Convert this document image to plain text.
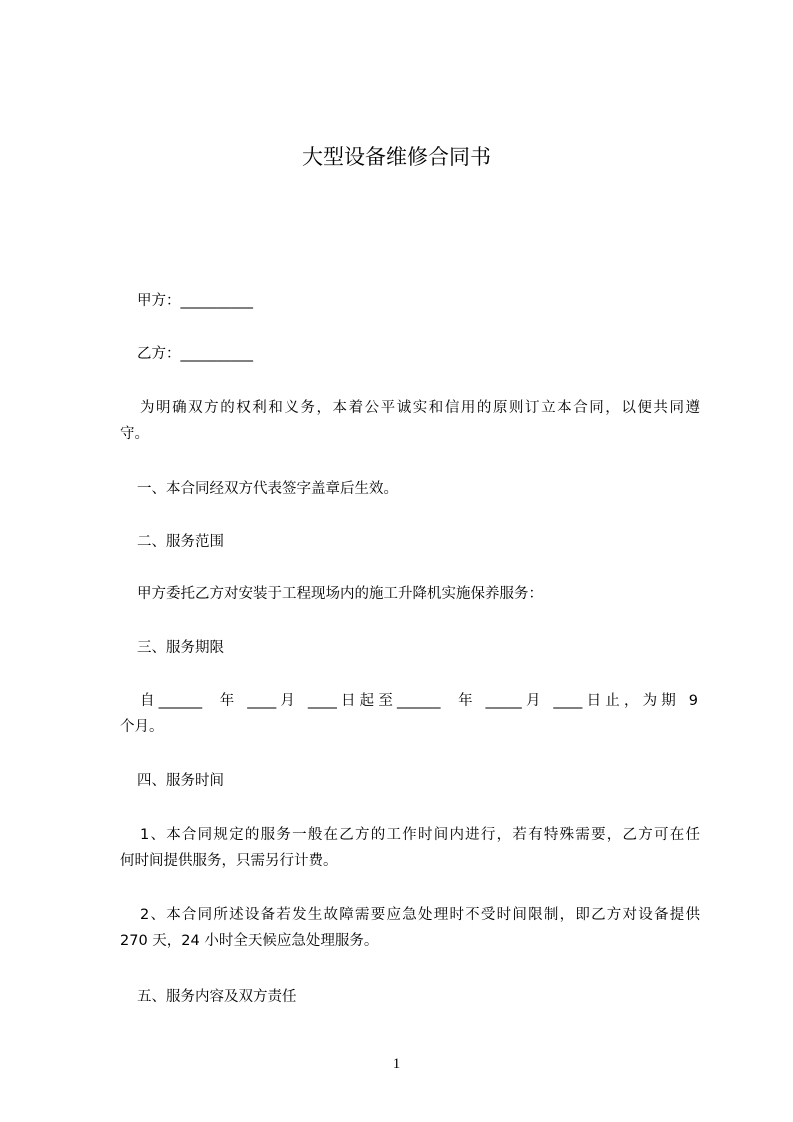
大型设备维修合同书
甲方：__________
乙方：__________
为明确双方的权利和义务，本着公平诚实和信用的原则订立本合同，以便共同遵
守。
一、本合同经双方代表签字盖章后生效。
二、服务范围
甲方委托乙方对安装于工程现场内的施工升降机实施保养服务：
三、服务期限
自______  年 ____月 ____日起至______  年 _____月 ____日止，为期 9
个月。
四、服务时间
1、本合同规定的服务一般在乙方的工作时间内进行，若有特殊需要，乙方可在任
何时间提供服务，只需另行计费。
2、本合同所述设备若发生故障需要应急处理时不受时间限制，即乙方对设备提供
270 天，24 小时全天候应急处理服务。
五、服务内容及双方责任
1
